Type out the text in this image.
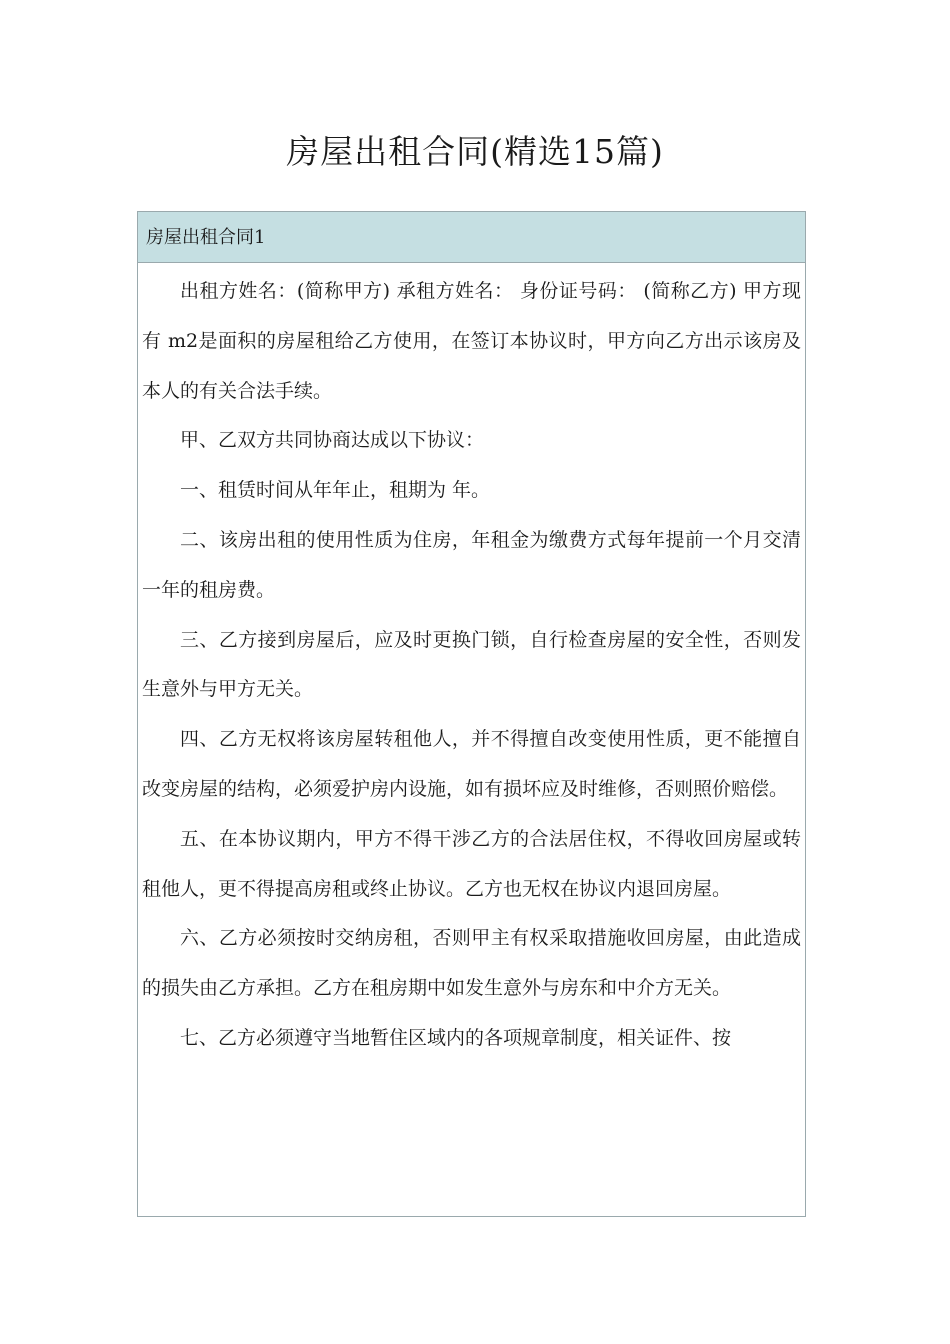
房屋出租合同(精选15篇)
房屋出租合同1

出租方姓名：(简称甲方) 承租方姓名： 身份证号码： (简称乙方) 甲方现有 m2是面积的房屋租给乙方使用，在签订本协议时，甲方向乙方出示该房及本人的有关合法手续。

甲、乙双方共同协商达成以下协议：

一、租赁时间从年年止，租期为 年。

二、该房出租的使用性质为住房，年租金为缴费方式每年提前一个月交清一年的租房费。

三、乙方接到房屋后，应及时更换门锁，自行检查房屋的安全性，否则发生意外与甲方无关。

四、乙方无权将该房屋转租他人，并不得擅自改变使用性质，更不能擅自改变房屋的结构，必须爱护房内设施，如有损坏应及时维修，否则照价赔偿。

五、在本协议期内，甲方不得干涉乙方的合法居住权，不得收回房屋或转租他人，更不得提高房租或终止协议。乙方也无权在协议内退回房屋。

六、乙方必须按时交纳房租，否则甲主有权采取措施收回房屋，由此造成的损失由乙方承担。乙方在租房期中如发生意外与房东和中介方无关。

七、乙方必须遵守当地暂住区域内的各项规章制度，相关证件、按
